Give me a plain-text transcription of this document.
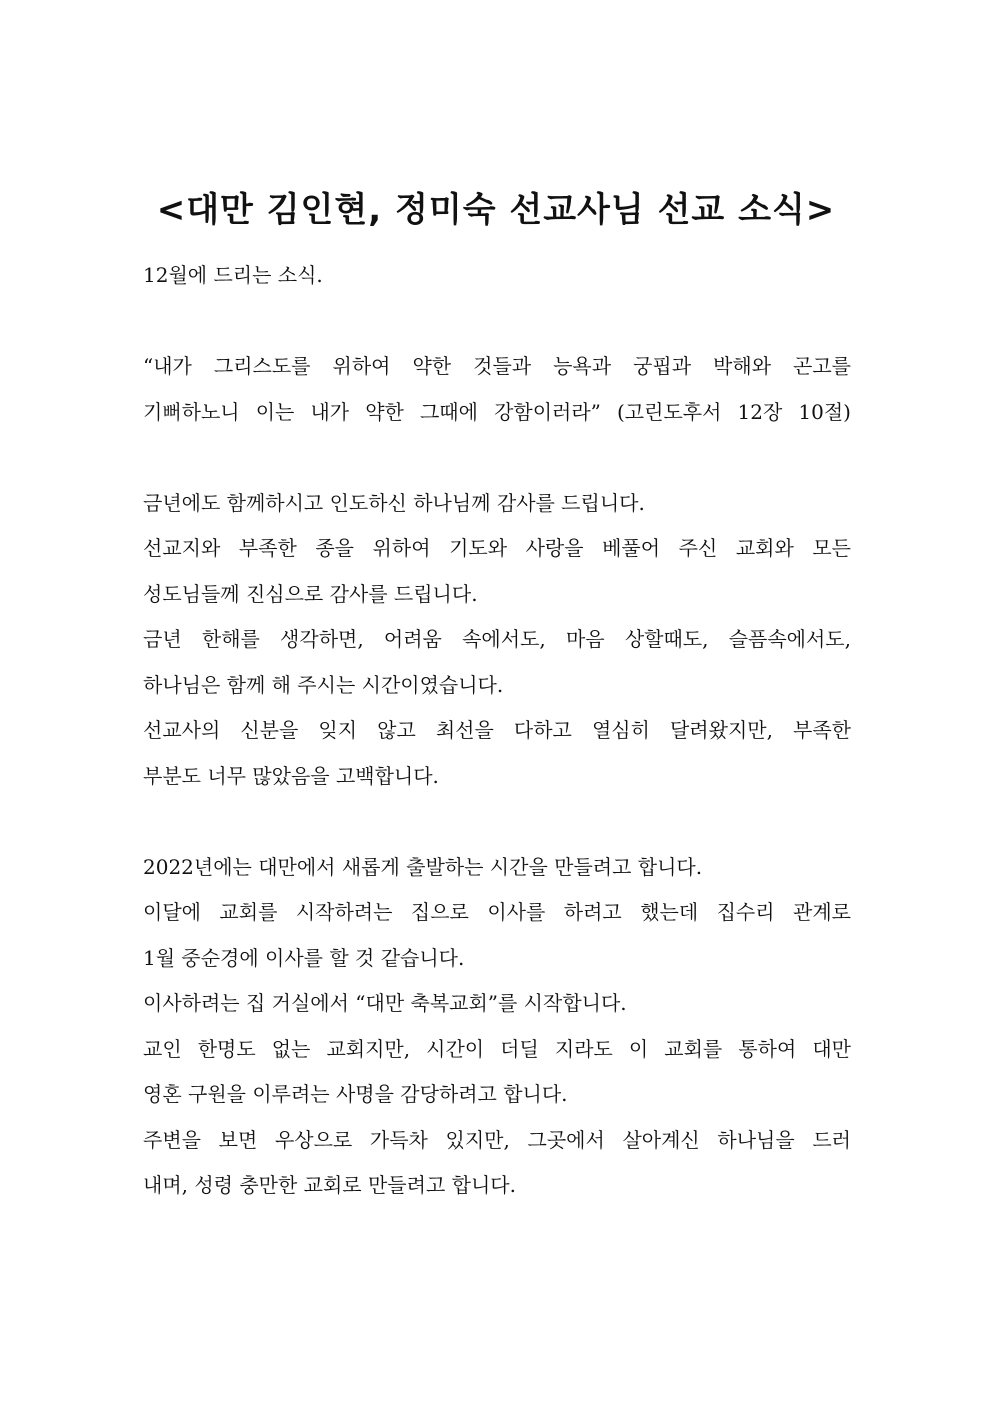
<대만 김인현, 정미숙 선교사님 선교 소식>
12월에 드리는 소식.
“내가 그리스도를 위하여 약한 것들과 능욕과 궁핍과 박해와 곤고를
기뻐하노니 이는 내가 약한 그때에 강함이러라” (고린도후서 12장 10절)
금년에도 함께하시고 인도하신 하나님께 감사를 드립니다.
선교지와 부족한 종을 위하여 기도와 사랑을 베풀어 주신 교회와 모든
성도님들께 진심으로 감사를 드립니다.
금년 한해를 생각하면, 어려움 속에서도, 마음 상할때도, 슬픔속에서도,
하나님은 함께 해 주시는 시간이였습니다.
선교사의 신분을 잊지 않고 최선을 다하고 열심히 달려왔지만, 부족한
부분도 너무 많았음을 고백합니다.
2022년에는 대만에서 새롭게 출발하는 시간을 만들려고 합니다.
이달에 교회를 시작하려는 집으로 이사를 하려고 했는데 집수리 관계로
1월 중순경에 이사를 할 것 같습니다.
이사하려는 집 거실에서 “대만 축복교회”를 시작합니다.
교인 한명도 없는 교회지만, 시간이 더딜 지라도 이 교회를 통하여 대만
영혼 구원을 이루려는 사명을 감당하려고 합니다.
주변을 보면 우상으로 가득차 있지만, 그곳에서 살아계신 하나님을 드러
내며, 성령 충만한 교회로 만들려고 합니다.
